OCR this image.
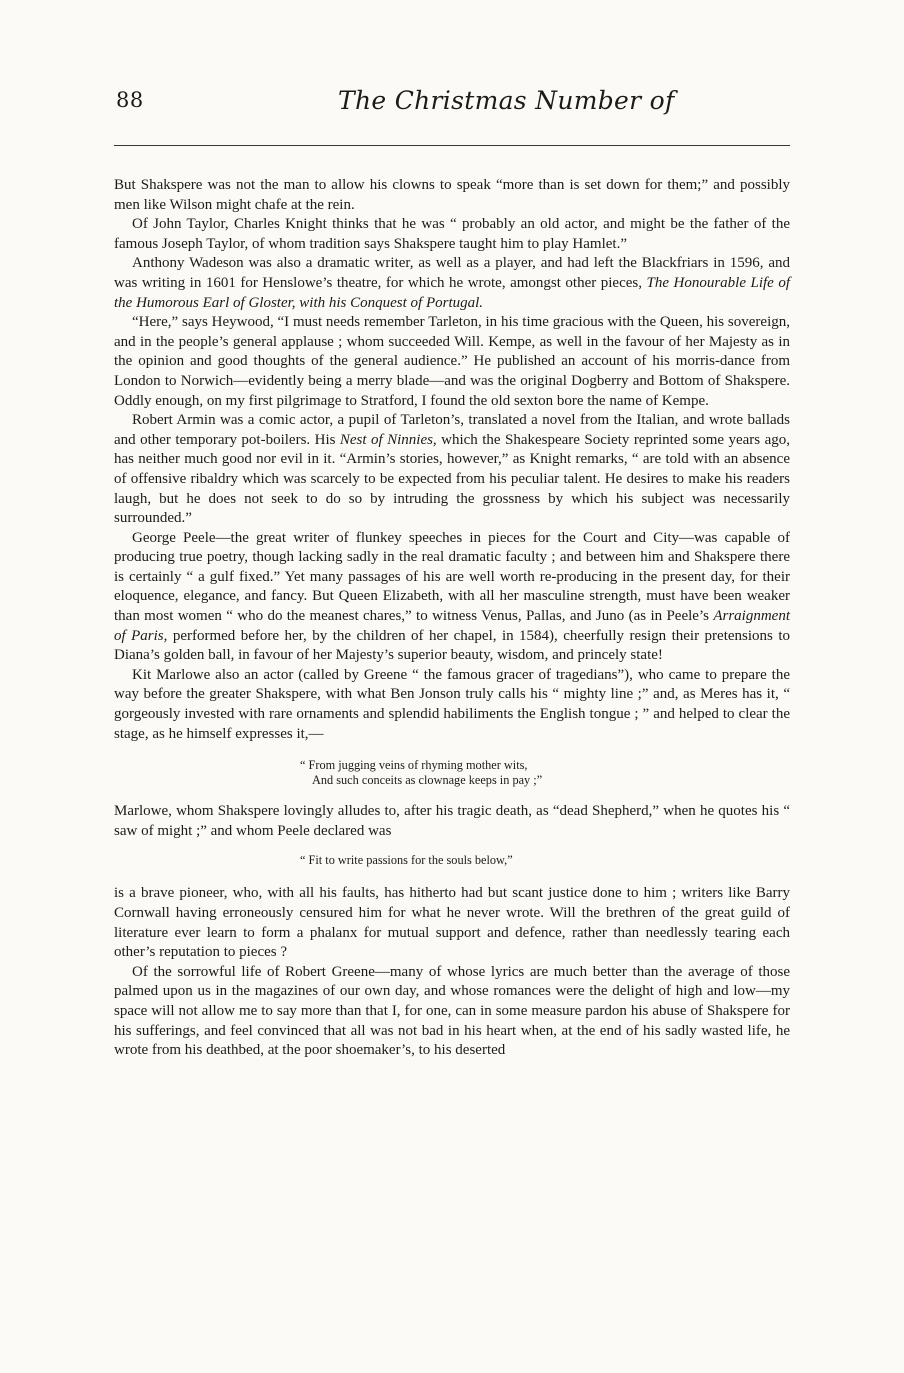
88	The Christmas Number of

But Shakspere was not the man to allow his clowns to speak “more than is set down for them;” and possibly men like Wilson might chafe at the rein.

Of John Taylor, Charles Knight thinks that he was “ probably an old actor, and might be the father of the famous Joseph Taylor, of whom tradition says Shakspere taught him to play Hamlet.”

Anthony Wadeson was also a dramatic writer, as well as a player, and had left the Blackfriars in 1596, and was writing in 1601 for Henslowe’s theatre, for which he wrote, amongst other pieces, The Honourable Life of the Humorous Earl of Gloster, with his Conquest of Portugal.

“Here,” says Heywood, “I must needs remember Tarleton, in his time gracious with the Queen, his sovereign, and in the people’s general applause ; whom succeeded Will. Kempe, as well in the favour of her Majesty as in the opinion and good thoughts of the general audience.” He published an account of his morris-dance from London to Norwich—evidently being a merry blade—and was the original Dogberry and Bottom of Shakspere. Oddly enough, on my first pilgrimage to Stratford, I found the old sexton bore the name of Kempe.

Robert Armin was a comic actor, a pupil of Tarleton’s, translated a novel from the Italian, and wrote ballads and other temporary pot-boilers. His Nest of Ninnies, which the Shakespeare Society reprinted some years ago, has neither much good nor evil in it. “Armin’s stories, however,” as Knight remarks, “ are told with an absence of offensive ribaldry which was scarcely to be expected from his peculiar talent. He desires to make his readers laugh, but he does not seek to do so by intruding the grossness by which his subject was necessarily surrounded.”

George Peele—the great writer of flunkey speeches in pieces for the Court and City—was capable of producing true poetry, though lacking sadly in the real dramatic faculty ; and between him and Shakspere there is certainly “ a gulf fixed.” Yet many passages of his are well worth re-producing in the present day, for their eloquence, elegance, and fancy. But Queen Elizabeth, with all her masculine strength, must have been weaker than most women “ who do the meanest chares,” to witness Venus, Pallas, and Juno (as in Peele’s Arraignment of Paris, performed before her, by the children of her chapel, in 1584), cheerfully resign their pretensions to Diana’s golden ball, in favour of her Majesty’s superior beauty, wisdom, and princely state!

Kit Marlowe also an actor (called by Greene “ the famous gracer of tragedians”), who came to prepare the way before the greater Shakspere, with what Ben Jonson truly calls his “ mighty line ;” and, as Meres has it, “ gorgeously invested with rare ornaments and splendid habiliments the English tongue ; ” and helped to clear the stage, as he himself expresses it,—

“ From jugging veins of rhyming mother wits,
And such conceits as clownage keeps in pay ;”

Marlowe, whom Shakspere lovingly alludes to, after his tragic death, as “dead Shepherd,” when he quotes his “ saw of might ;” and whom Peele declared was

“ Fit to write passions for the souls below,”

is a brave pioneer, who, with all his faults, has hitherto had but scant justice done to him ; writers like Barry Cornwall having erroneously censured him for what he never wrote. Will the brethren of the great guild of literature ever learn to form a phalanx for mutual support and defence, rather than needlessly tearing each other’s reputation to pieces ?

Of the sorrowful life of Robert Greene—many of whose lyrics are much better than the average of those palmed upon us in the magazines of our own day, and whose romances were the delight of high and low—my space will not allow me to say more than that I, for one, can in some measure pardon his abuse of Shakspere for his sufferings, and feel convinced that all was not bad in his heart when, at the end of his sadly wasted life, he wrote from his deathbed, at the poor shoemaker’s, to his deserted
